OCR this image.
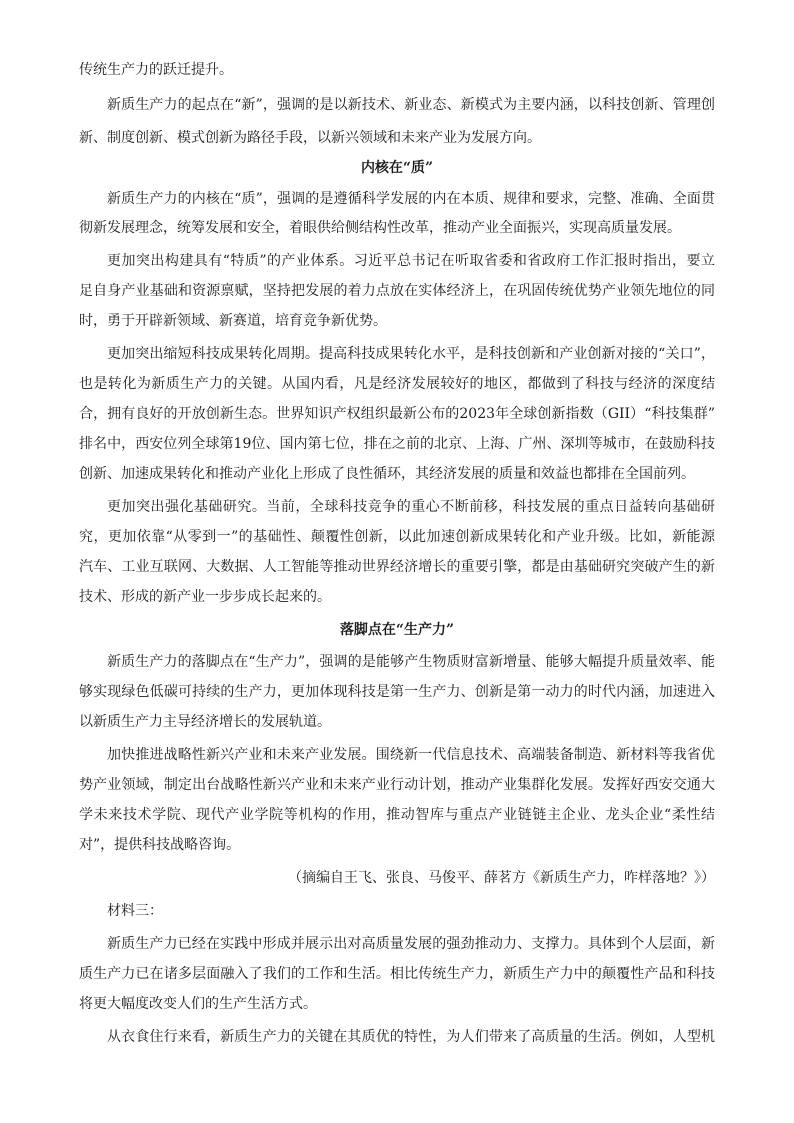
传统生产力的跃迁提升。
新质生产力的起点在“新”，强调的是以新技术、新业态、新模式为主要内涵，以科技创新、管理创
新、制度创新、模式创新为路径手段，以新兴领域和未来产业为发展方向。
内核在“质”
新质生产力的内核在“质”，强调的是遵循科学发展的内在本质、规律和要求，完整、准确、全面贯
彻新发展理念，统筹发展和安全，着眼供给侧结构性改革，推动产业全面振兴，实现高质量发展。
更加突出构建具有“特质”的产业体系。习近平总书记在听取省委和省政府工作汇报时指出，要立
足自身产业基础和资源禀赋，坚持把发展的着力点放在实体经济上，在巩固传统优势产业领先地位的同
时，勇于开辟新领域、新赛道，培育竞争新优势。
更加突出缩短科技成果转化周期。提高科技成果转化水平，是科技创新和产业创新对接的“关口”，
也是转化为新质生产力的关键。从国内看，凡是经济发展较好的地区，都做到了科技与经济的深度结
合，拥有良好的开放创新生态。世界知识产权组织最新公布的2023年全球创新指数（GII）“科技集群”
排名中，西安位列全球第19位、国内第七位，排在之前的北京、上海、广州、深圳等城市，在鼓励科技
创新、加速成果转化和推动产业化上形成了良性循环，其经济发展的质量和效益也都排在全国前列。
更加突出强化基础研究。当前，全球科技竞争的重心不断前移，科技发展的重点日益转向基础研
究，更加依靠“从零到一”的基础性、颠覆性创新，以此加速创新成果转化和产业升级。比如，新能源
汽车、工业互联网、大数据、人工智能等推动世界经济增长的重要引擎，都是由基础研究突破产生的新
技术、形成的新产业一步步成长起来的。
落脚点在“生产力”
新质生产力的落脚点在“生产力”，强调的是能够产生物质财富新增量、能够大幅提升质量效率、能
够实现绿色低碳可持续的生产力，更加体现科技是第一生产力、创新是第一动力的时代内涵，加速进入
以新质生产力主导经济增长的发展轨道。
加快推进战略性新兴产业和未来产业发展。围绕新一代信息技术、高端装备制造、新材料等我省优
势产业领域，制定出台战略性新兴产业和未来产业行动计划，推动产业集群化发展。发挥好西安交通大
学未来技术学院、现代产业学院等机构的作用，推动智库与重点产业链链主企业、龙头企业“柔性结
对”，提供科技战略咨询。
（摘编自王飞、张良、马俊平、薛茗方《新质生产力，咋样落地？》）
材料三：
新质生产力已经在实践中形成并展示出对高质量发展的强劲推动力、支撑力。具体到个人层面，新
质生产力已在诸多层面融入了我们的工作和生活。相比传统生产力，新质生产力中的颠覆性产品和科技
将更大幅度改变人们的生产生活方式。
从衣食住行来看，新质生产力的关键在其质优的特性，为人们带来了高质量的生活。例如，人型机
